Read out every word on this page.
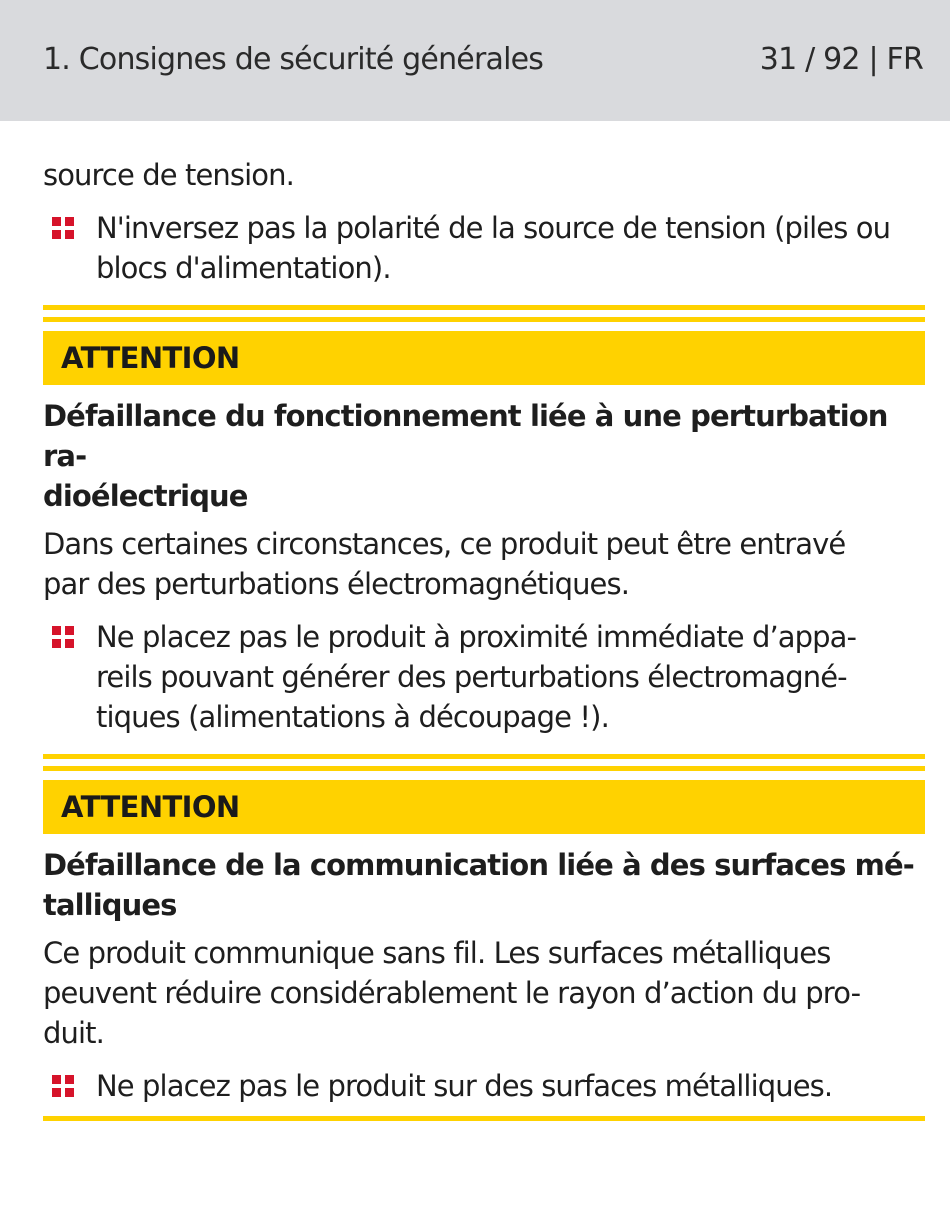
1. Consignes de sécurité générales	31 / 92 | FR

source de tension.

N'inversez pas la polarité de la source de tension (piles ou blocs d'alimentation).
ATTENTION
Défaillance du fonctionnement liée à une perturbation ra-
dioélectrique
Dans certaines circonstances, ce produit peut être entravé
par des perturbations électromagnétiques.
Ne placez pas le produit à proximité immédiate d’appa-
reils pouvant générer des perturbations électromagné-
tiques (alimentations à découpage !).
ATTENTION
Défaillance de la communication liée à des surfaces mé-
talliques
Ce produit communique sans fil. Les surfaces métalliques
peuvent réduire considérablement le rayon d’action du pro-
duit.
Ne placez pas le produit sur des surfaces métalliques.
